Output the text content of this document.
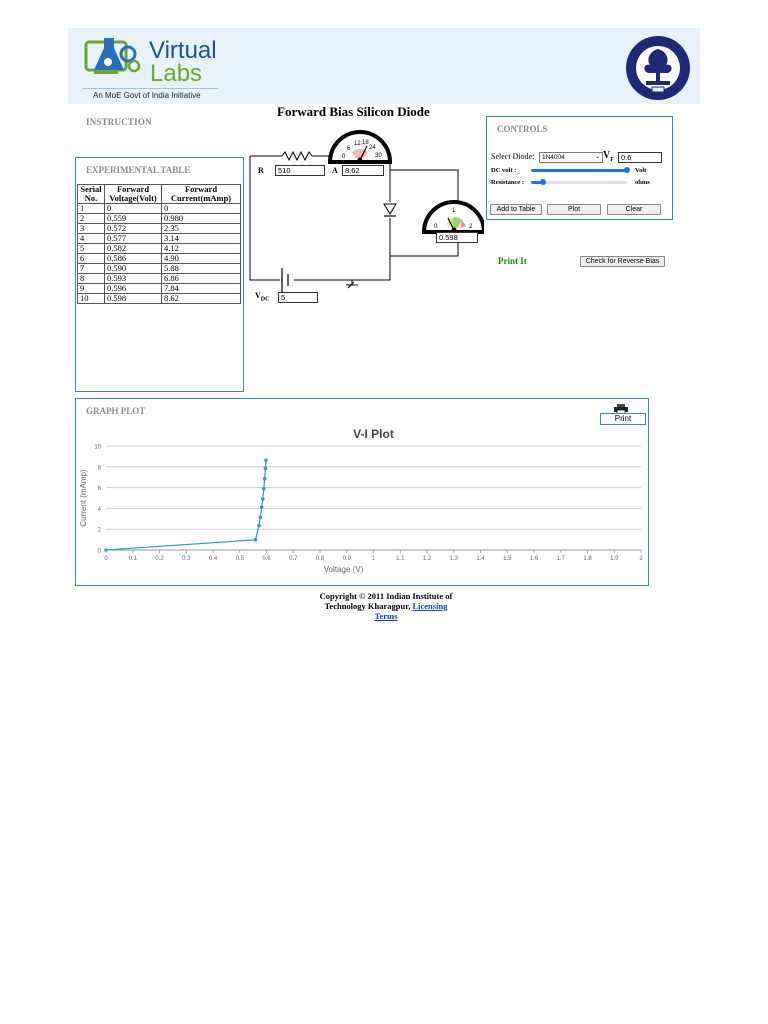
Virtual
Labs
An MoE Govt of India Initiative
Forward Bias Silicon Diode
INSTRUCTION
EXPERIMENTAL TABLE
Serial No.	Forward Voltage(Volt)	Forward Current(mAmp)
1	0	0
2	0.559	0.980
3	0.572	2.35
4	0.577	3.14
5	0.582	4.12
6	0.586	4.90
7	0.590	5.88
8	0.593	6.86
9	0.596	7.84
10	0.598	8.62
0
6
12 18
24
30
0
1
2
R	510	A 8.62
0.598
$V_{DC}$	5
CONTROLS
Select Diode:	1N4004	⌄ $V_F$ 0.6
DC volt :	Volt
Resistance :	ohms
Add to Table	Plot	Clear
Print It	Check for Reverse Bias
GRAPH PLOT
Print
V-I Plot
0
2
4
6
8
10
0	0.1	0.2	0.3	0.4	0.5	0.6	0.7	0.8	0.9	1	1.1	1.2	1.3	1.4	1.5	1.6	1.7	1.8	1.9	2
Voltage (V)
Current (mAmp)
Copyright © 2011 Indian Institute of
Technology Kharagpur, Licensing
Terms
